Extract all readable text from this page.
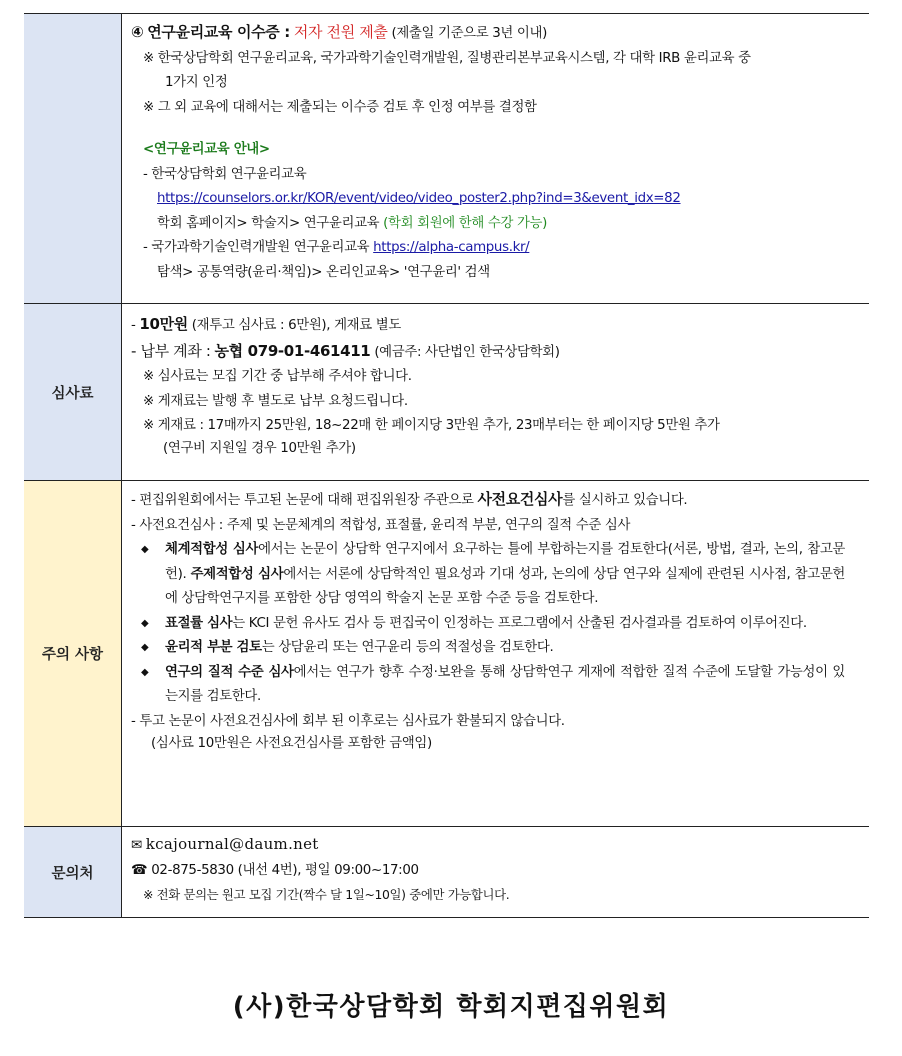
④ 연구윤리교육 이수증 : 저자 전원 제출 (제출일 기준으로 3년 이내)
※ 한국상담학회 연구윤리교육, 국가과학기술인력개발원, 질병관리본부교육시스템, 각 대학 IRB 윤리교육 중
1가지 인정
※ 그 외 교육에 대해서는 제출되는 이수증 검토 후 인정 여부를 결정함
<연구윤리교육 안내>
- 한국상담학회 연구윤리교육
https://counselors.or.kr/KOR/event/video/video_poster2.php?ind=3&event_idx=82
학회 홈페이지> 학술지> 연구윤리교육 (학회 회원에 한해 수강 가능)
- 국가과학기술인력개발원 연구윤리교육 https://alpha-campus.kr/
탐색> 공통역량(윤리·책임)> 온리인교육> '연구윤리' 검색

심사료	
- 10만원 (재투고 심사료 : 6만원), 게재료 별도
- 납부 계좌 : 농협 079-01-461411 (예금주: 사단법인 한국상담학회)
※ 심사료는 모집 기간 중 납부해 주셔야 합니다.
※ 게재료는 발행 후 별도로 납부 요청드립니다.
※ 게재료 : 17매까지 25만원, 18~22매 한 페이지당 3만원 추가, 23매부터는 한 페이지당 5만원 추가
(연구비 지원일 경우 10만원 추가)

주의 사항	
- 편집위원회에서는 투고된 논문에 대해 편집위원장 주관으로 사전요건심사를 실시하고 있습니다.
- 사전요건심사 : 주제 및 논문체계의 적합성, 표절률, 윤리적 부분, 연구의 질적 수준 심사
◆	체계적합성 심사에서는 논문이 상담학 연구지에서 요구하는 틀에 부합하는지를 검토한다(서론, 방법, 결과, 논의, 참고문헌). 주제적합성 심사에서는 서론에 상담학적인 필요성과 기대 성과, 논의에 상담 연구와 실제에 관련된 시사점, 참고문헌에 상담학연구지를 포함한 상담 영역의 학술지 논문 포함 수준 등을 검토한다.
◆	표절률 심사는 KCI 문헌 유사도 검사 등 편집국이 인정하는 프로그램에서 산출된 검사결과를 검토하여 이루어진다.
◆	윤리적 부분 검토는 상담윤리 또는 연구윤리 등의 적절성을 검토한다.
◆	연구의 질적 수준 심사에서는 연구가 향후 수정·보완을 통해 상담학연구 게재에 적합한 질적 수준에 도달할 가능성이 있는지를 검토한다.
- 투고 논문이 사전요건심사에 회부 된 이후로는 심사료가 환불되지 않습니다.
(심사료 10만원은 사전요건심사를 포함한 금액임)

문의처	✉ kcajournal@daum.net
☎ 02-875-5830 (내선 4번), 평일 09:00~17:00
※ 전화 문의는 원고 모집 기간(짝수 달 1일~10일) 중에만 가능합니다.
(사)한국상담학회 학회지편집위원회
